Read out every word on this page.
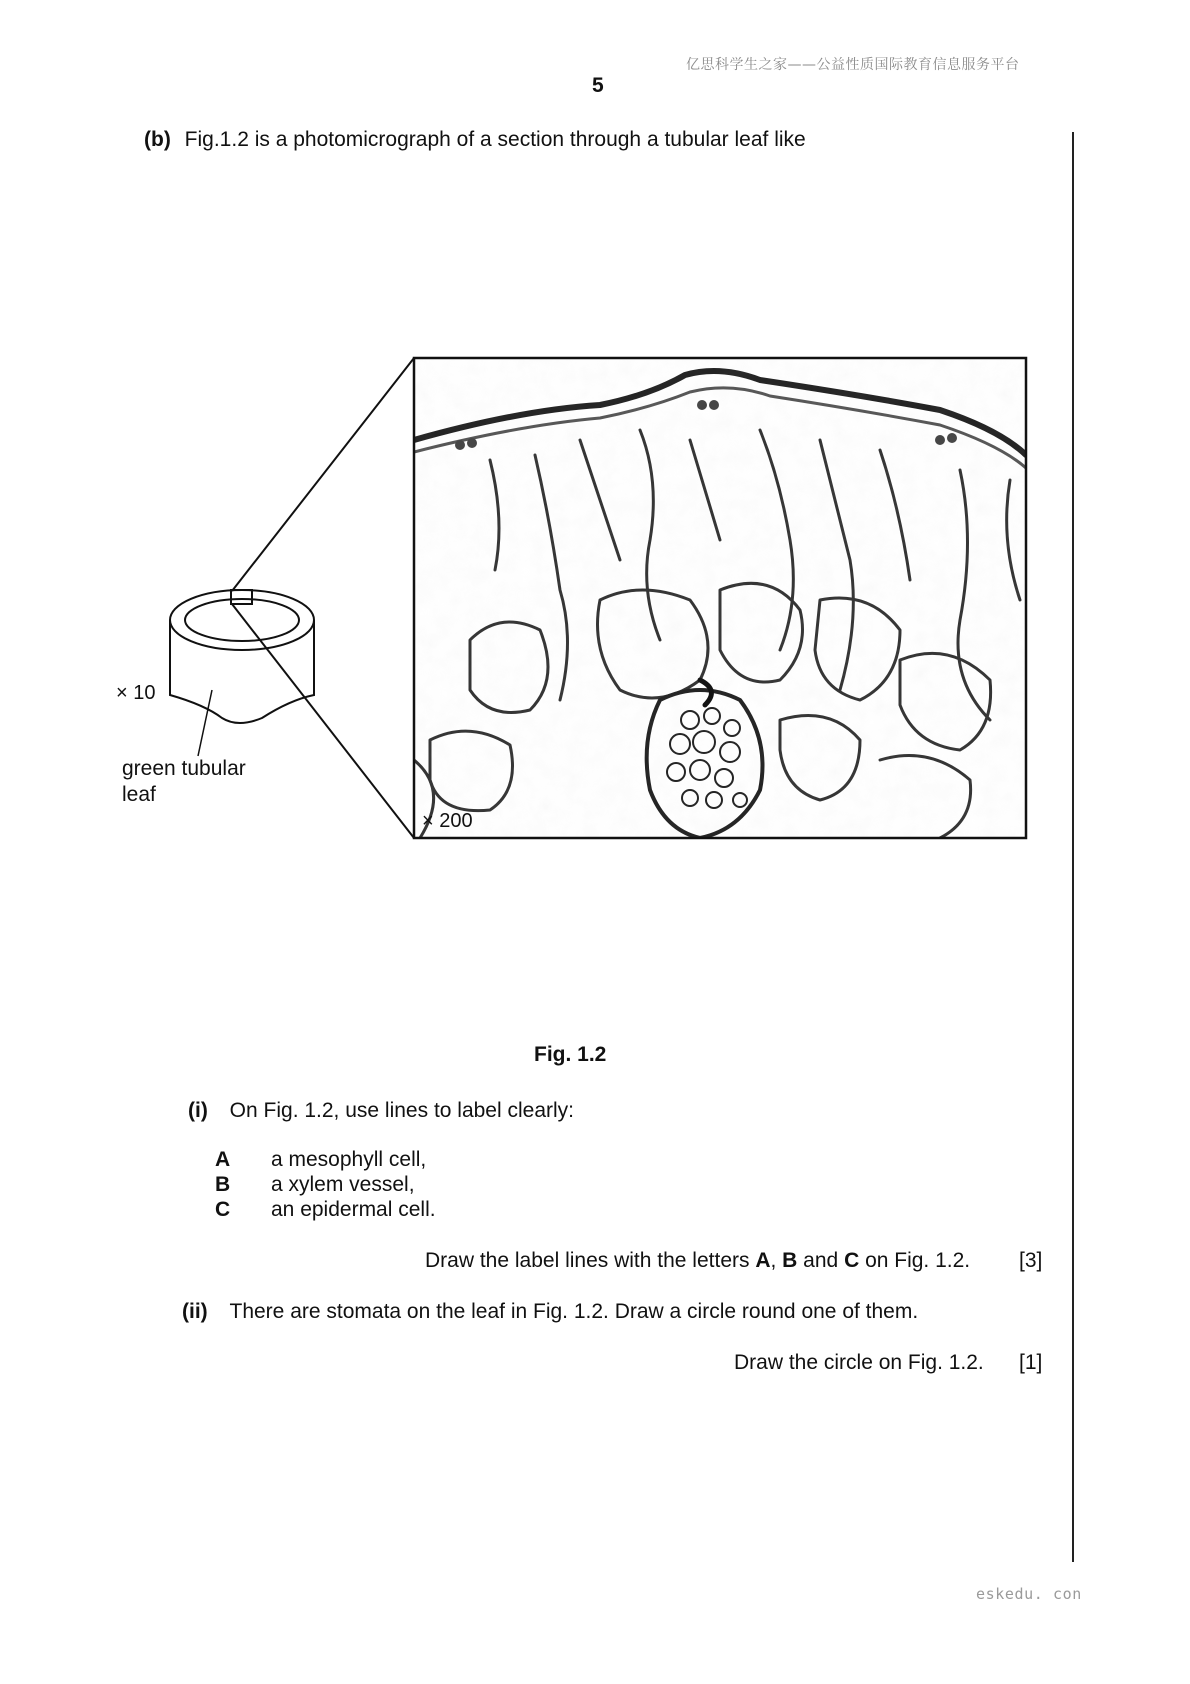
亿思科学生之家——公益性质国际教育信息服务平台
5
(b) Fig.1.2 is a photomicrograph of a section through a tubular leaf like
× 10
green tubular
leaf
× 200
Fig. 1.2
(i) On Fig. 1.2, use lines to label clearly:
A a mesophyll cell,
B a xylem vessel,
C an epidermal cell.
Draw the label lines with the letters A, B and C on Fig. 1.2. [3]
(ii) There are stomata on the leaf in Fig. 1.2. Draw a circle round one of them.
Draw the circle on Fig. 1.2. [1]
eskedu. con
